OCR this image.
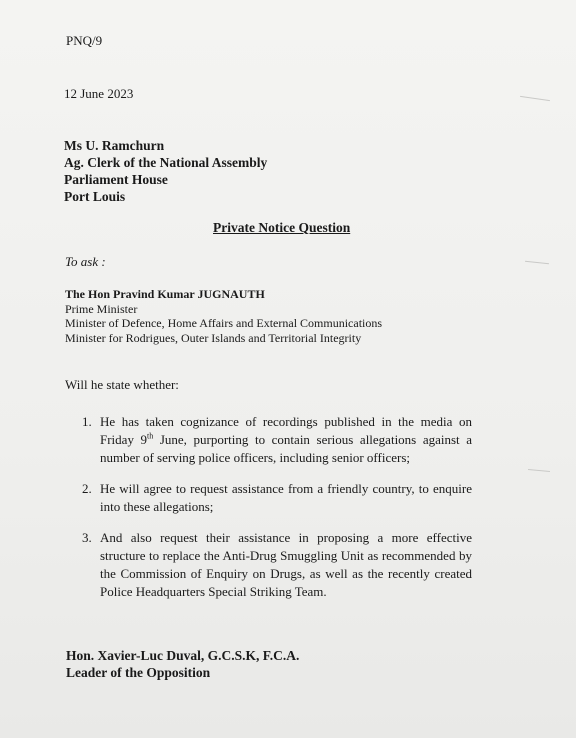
PNQ/9
12 June 2023
Ms U. Ramchurn
Ag. Clerk of the National Assembly
Parliament House
Port Louis
Private Notice Question
To ask :
The Hon Pravind Kumar JUGNAUTH
Prime Minister
Minister of Defence, Home Affairs and External Communications
Minister for Rodrigues, Outer Islands and Territorial Integrity
Will he state whether:
1. He has taken cognizance of recordings published in the media on Friday 9th June, purporting to contain serious allegations against a number of serving police officers, including senior officers;
2. He will agree to request assistance from a friendly country, to enquire into these allegations;
3. And also request their assistance in proposing a more effective structure to replace the Anti-Drug Smuggling Unit as recommended by the Commission of Enquiry on Drugs, as well as the recently created Police Headquarters Special Striking Team.
Hon. Xavier-Luc Duval, G.C.S.K, F.C.A.
Leader of the Opposition
